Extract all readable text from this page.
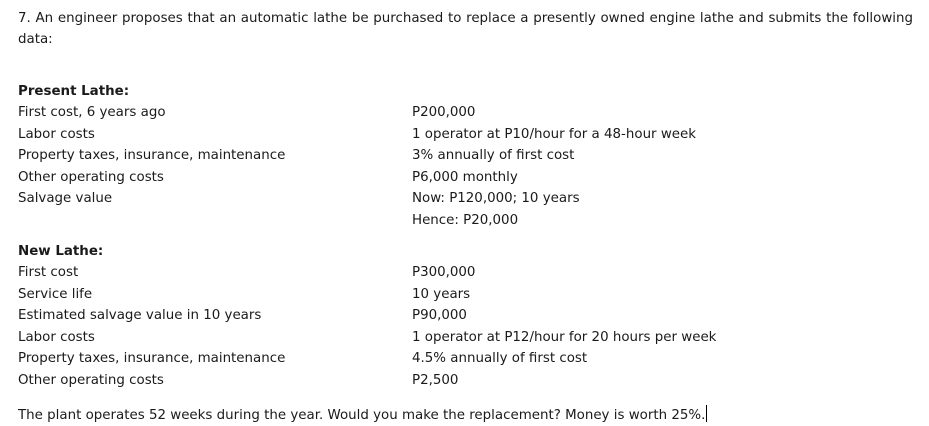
7. An engineer proposes that an automatic lathe be purchased to replace a presently owned engine lathe and submits the following data:

Present Lathe:

First cost, 6 years ago	P200,000
Labor costs	1 operator at P10/hour for a 48-hour week
Property taxes, insurance, maintenance	3% annually of first cost
Other operating costs	P6,000 monthly
Salvage value	Now: P120,000; 10 years
Hence: P20,000

New Lathe:

First cost	P300,000
Service life	10 years
Estimated salvage value in 10 years	P90,000
Labor costs	1 operator at P12/hour for 20 hours per week
Property taxes, insurance, maintenance	4.5% annually of first cost
Other operating costs	P2,500

The plant operates 52 weeks during the year. Would you make the replacement? Money is worth 25%.
